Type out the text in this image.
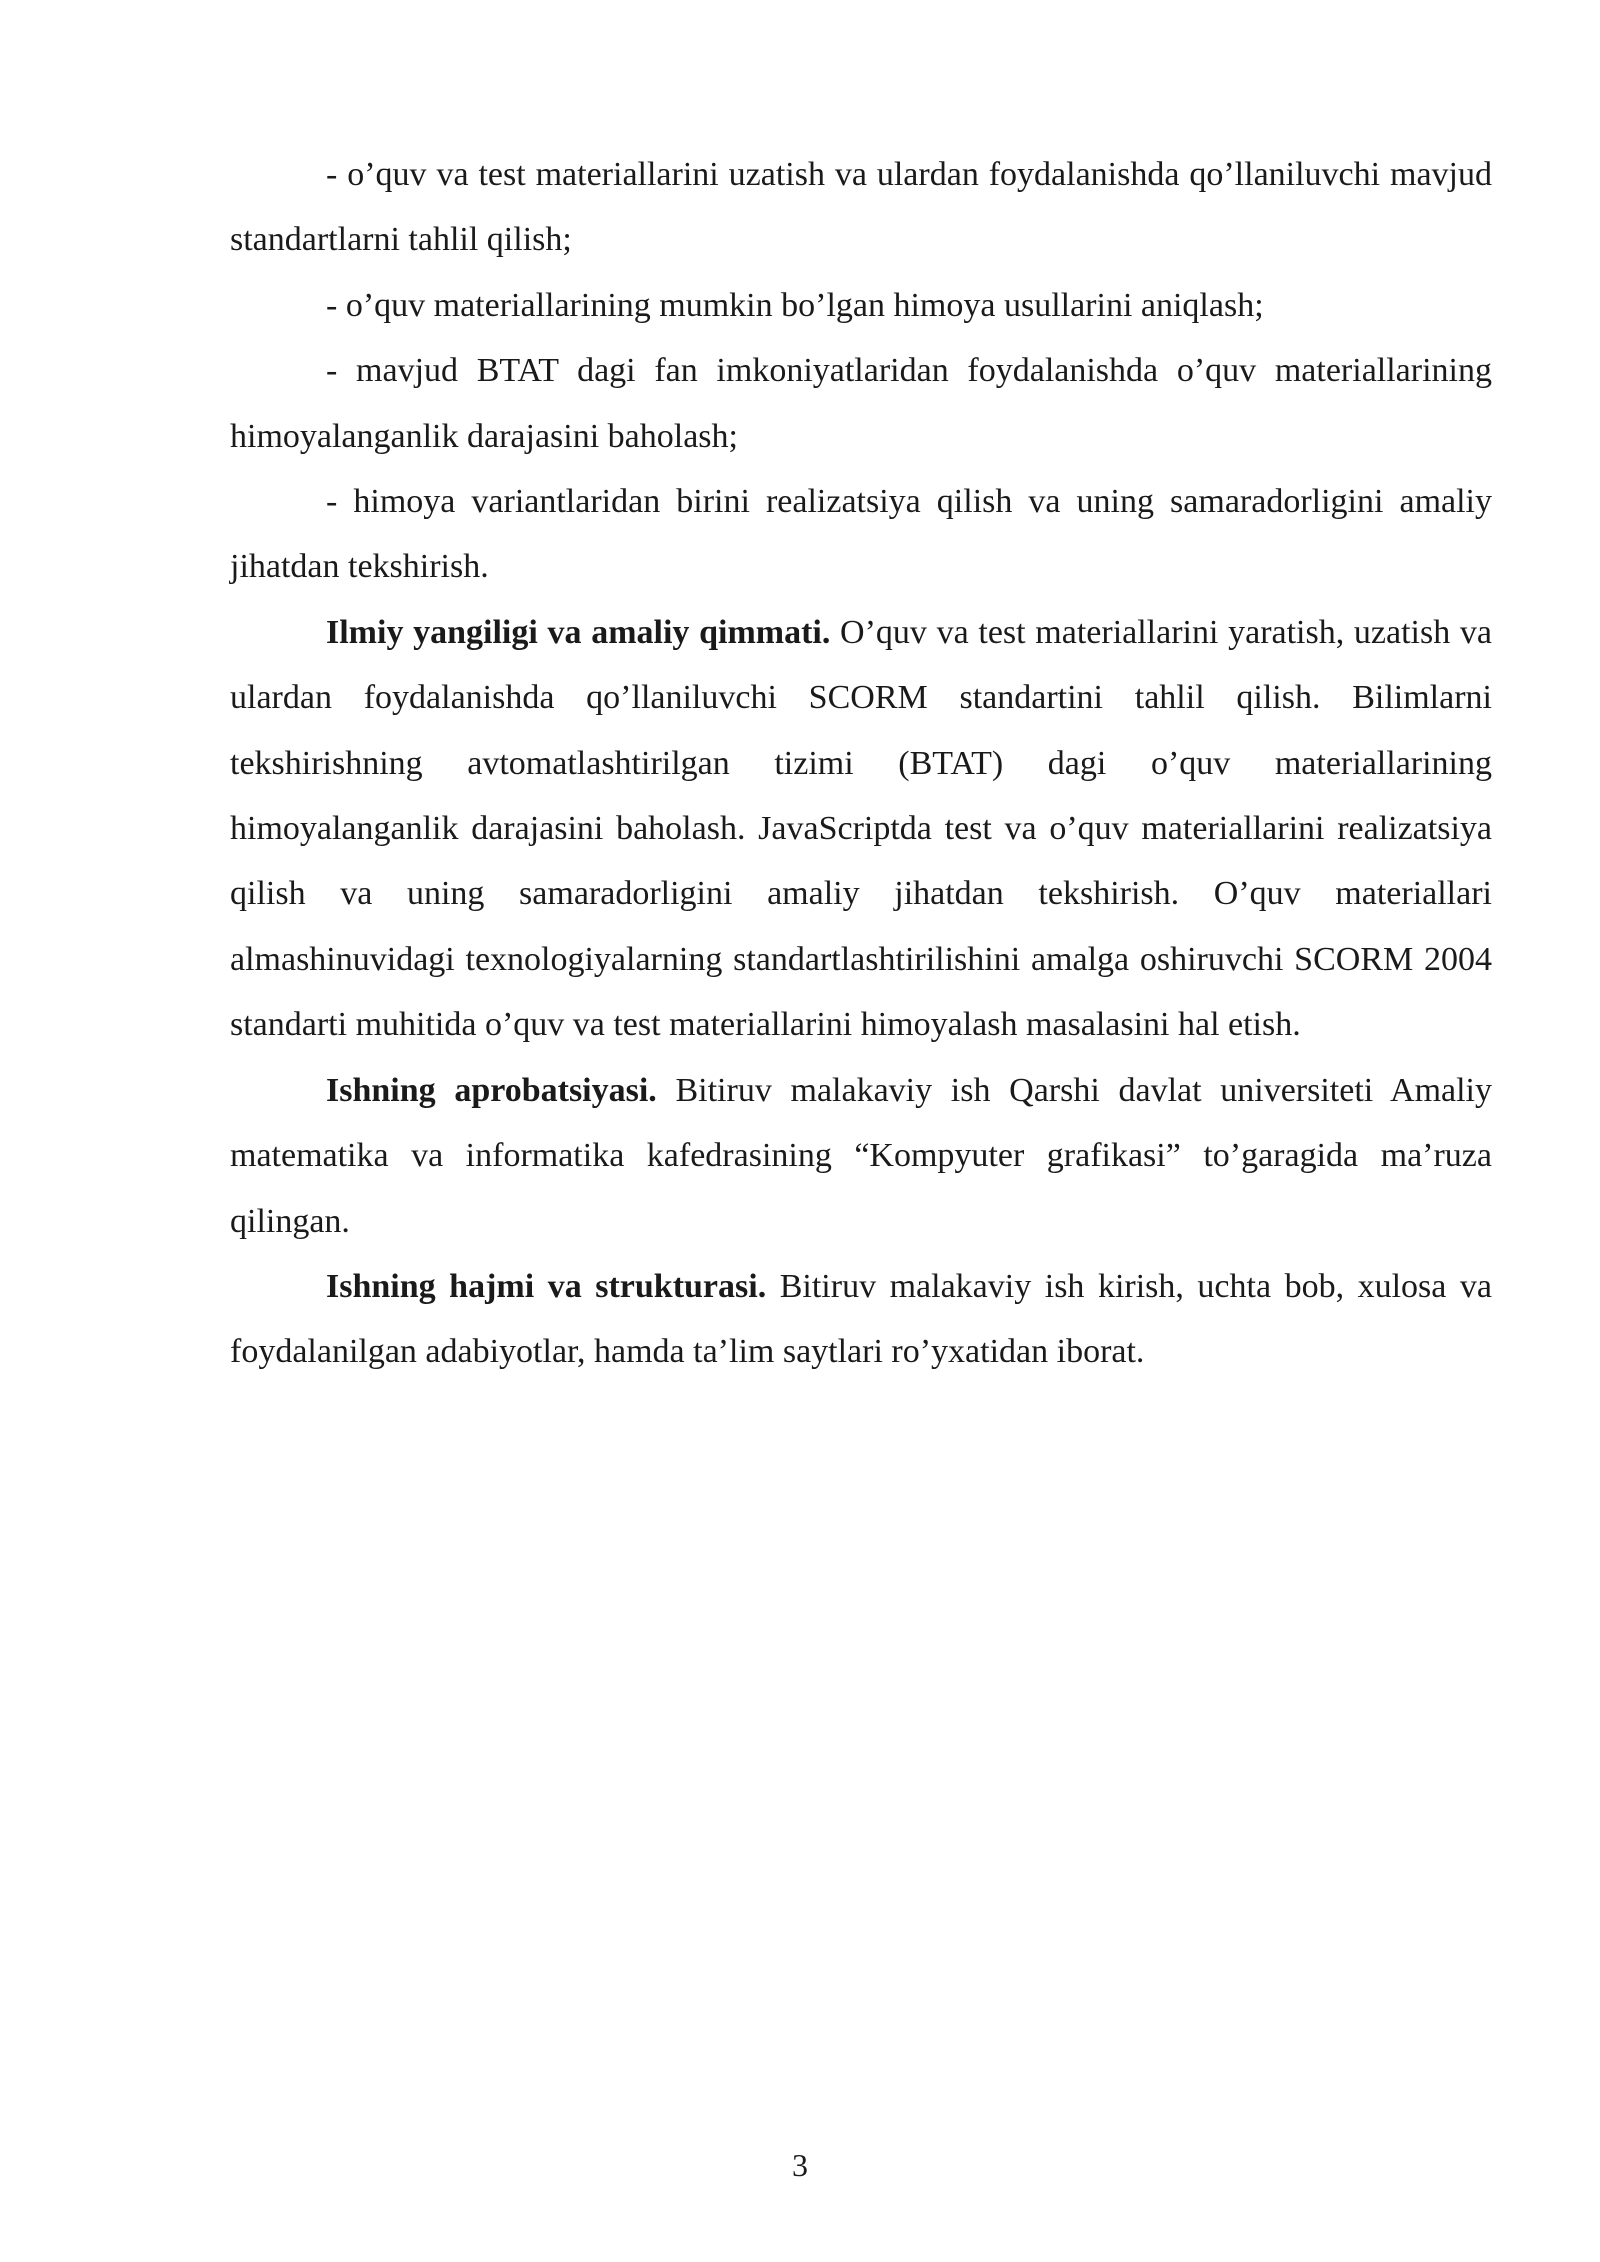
- o’quv va test materiallarini uzatish va ulardan foydalanishda qo’llaniluvchi mavjud standartlarni tahlil qilish;

- o’quv materiallarining mumkin bo’lgan himoya usullarini aniqlash;

- mavjud BTAT dagi fan imkoniyatlaridan foydalanishda o’quv materiallarining himoyalanganlik darajasini baholash;

- himoya variantlaridan birini realizatsiya qilish va uning samaradorligini amaliy jihatdan tekshirish.

Ilmiy yangiligi va amaliy qimmati. O’quv va test materiallarini yaratish, uzatish va ulardan foydalanishda qo’llaniluvchi SCORM standartini tahlil qilish. Bilimlarni tekshirishning avtomatlashtirilgan tizimi (BTAT) dagi o’quv materiallarining himoyalanganlik darajasini baholash. JavaScriptda test va o’quv materiallarini realizatsiya qilish va uning samaradorligini amaliy jihatdan tekshirish. O’quv materiallari almashinuvidagi texnologiyalarning standartlashtirilishini amalga oshiruvchi SCORM 2004 standarti muhitida o’quv va test materiallarini himoyalash masalasini hal etish.

Ishning aprobatsiyasi. Bitiruv malakaviy ish Qarshi davlat universiteti Amaliy matematika va informatika kafedrasining “Kompyuter grafikasi” to’garagida ma’ruza qilingan.

Ishning hajmi va strukturasi. Bitiruv malakaviy ish kirish, uchta bob, xulosa va foydalanilgan adabiyotlar, hamda ta’lim saytlari ro’yxatidan iborat.

3
